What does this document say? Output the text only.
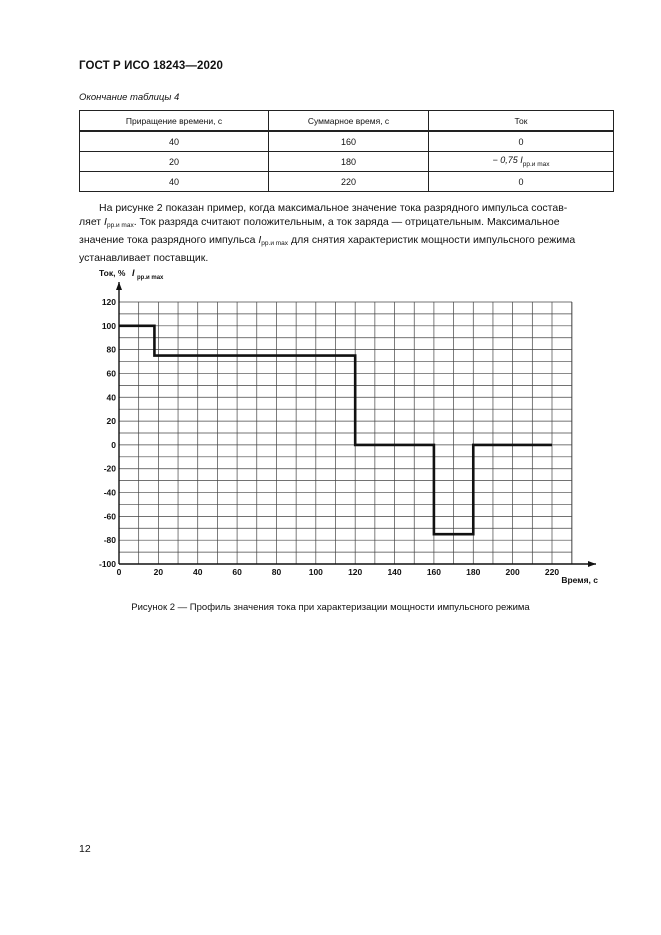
ГОСТ Р ИСО 18243—2020
Окончание таблицы 4
Приращение времени, с	Суммарное время, с	Ток
40	160	0
20	180	− 0,75 $I_{рр.и max}$
40	220	0
На рисунке 2 показан пример, когда максимальное значение тока разрядного импульса состав-
ляет $I_{рр.и max}$. Ток разряда считают положительным, а ток заряда — отрицательным. Максимальное
значение тока разрядного импульса $I_{рр.и max}$ для снятия характеристик мощности импульсного режима
устанавливает поставщик.
0	20	40	60	80	100	120	140	160	180	200	220
120
100
80
60
40
20
0
-20
-40
-60
-80
-100
Ток, % I рр.и max
Время, с
Рисунок 2 — Профиль значения тока при характеризации мощности импульсного режима
12
